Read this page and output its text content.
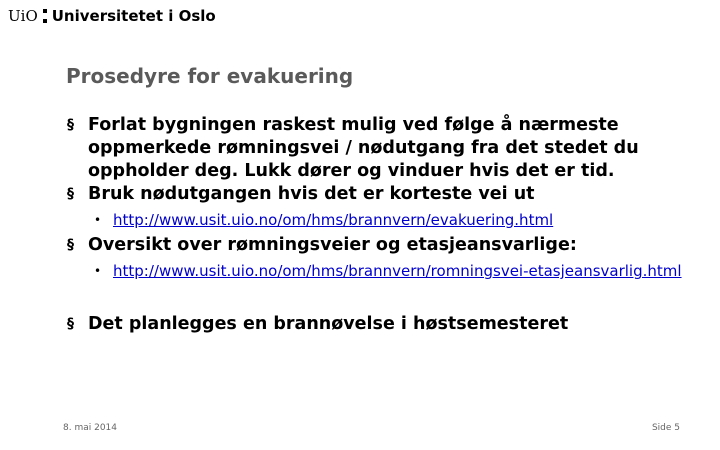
UiO Universitetet i Oslo
Prosedyre for evakuering
§ Forlat bygningen raskest mulig ved følge å nærmeste oppmerkede rømningsvei / nødutgang fra det stedet du oppholder deg. Lukk dører og vinduer hvis det er tid.
§ Bruk nødutgangen hvis det er korteste vei ut
• http://www.usit.uio.no/om/hms/brannvern/evakuering.html
§ Oversikt over rømningsveier og etasjeansvarlige:
• http://www.usit.uio.no/om/hms/brannvern/romningsvei-etasjeansvarlig.html
§ Det planlegges en brannøvelse i høstsemesteret
8. mai 2014	Side 5
